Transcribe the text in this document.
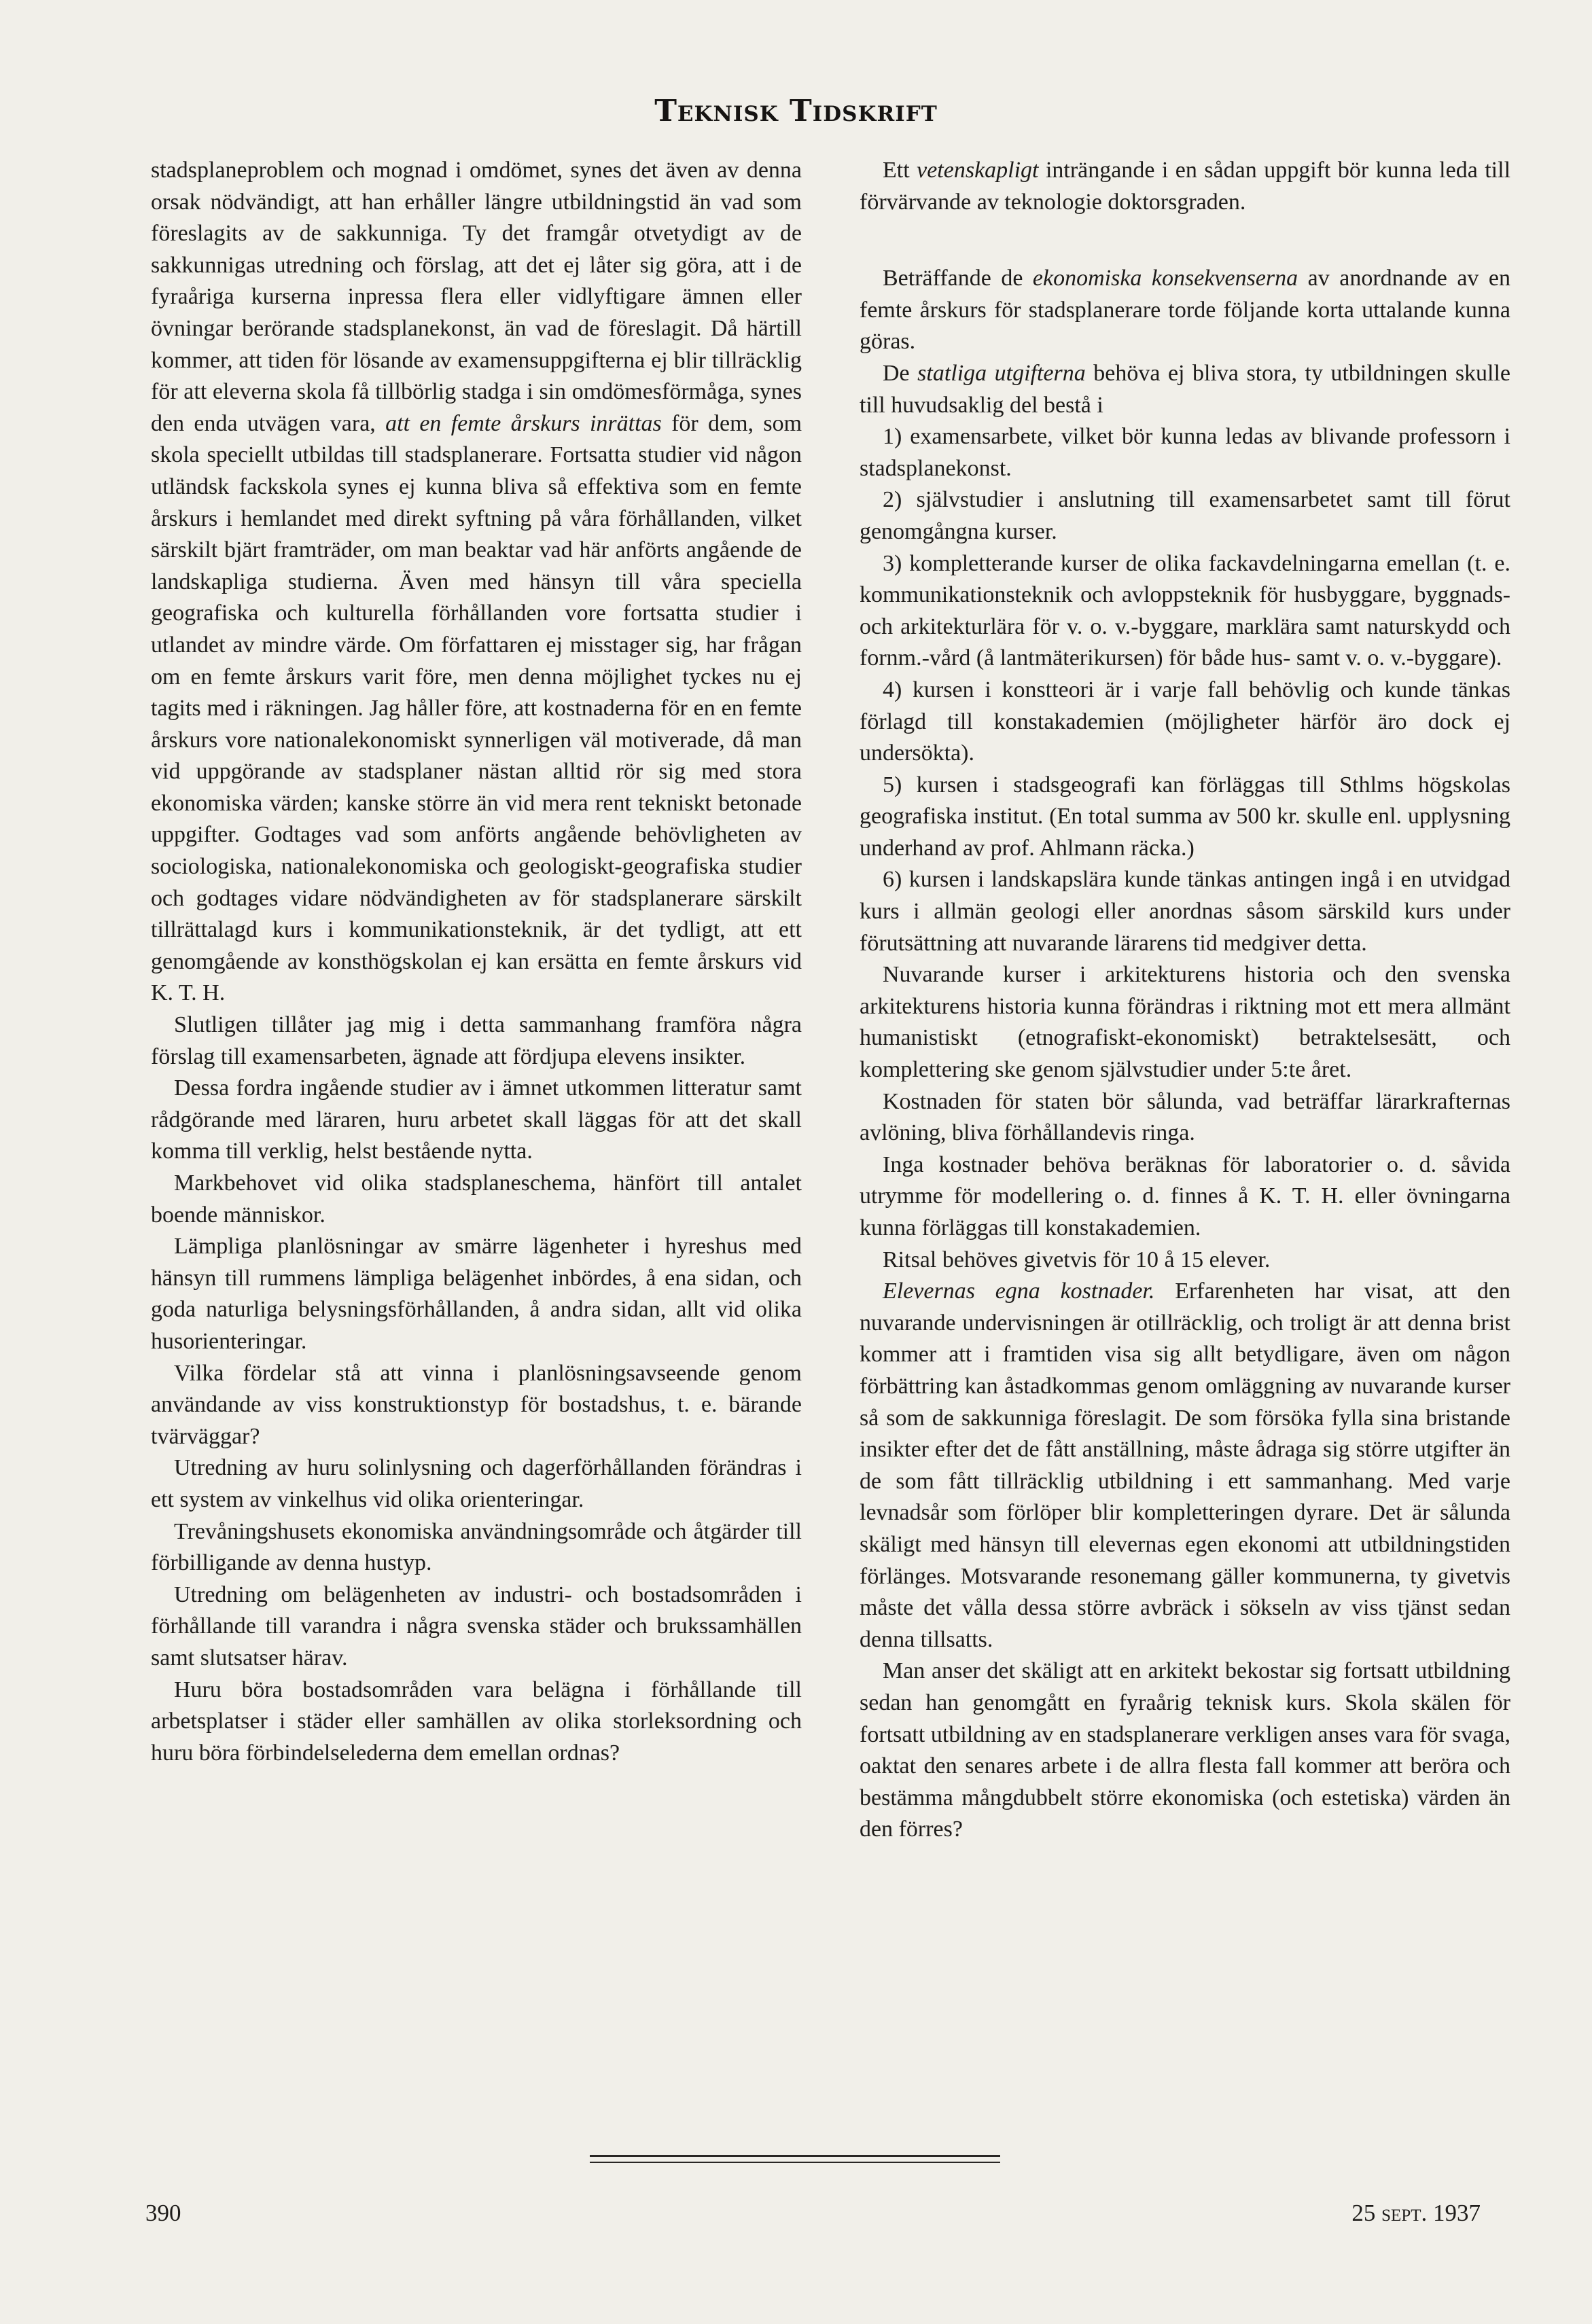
Teknisk Tidskrift

stadsplaneproblem och mognad i omdömet, synes det även av denna orsak nödvändigt, att han erhåller längre utbildningstid än vad som föreslagits av de sakkunniga. Ty det framgår otvetydigt av de sakkunnigas utredning och förslag, att det ej låter sig göra, att i de fyraåriga kurserna inpressa flera eller vidlyftigare ämnen eller övningar berörande stadsplanekonst, än vad de föreslagit. Då härtill kommer, att tiden för lösande av examensuppgifterna ej blir tillräcklig för att eleverna skola få tillbörlig stadga i sin omdömesförmåga, synes den enda utvägen vara, att en femte årskurs inrättas för dem, som skola speciellt utbildas till stadsplanerare. Fortsatta studier vid någon utländsk fackskola synes ej kunna bliva så effektiva som en femte årskurs i hemlandet med direkt syftning på våra förhållanden, vilket särskilt bjärt framträder, om man beaktar vad här anförts angående de landskapliga studierna. Även med hänsyn till våra speciella geografiska och kulturella förhållanden vore fortsatta studier i utlandet av mindre värde. Om författaren ej misstager sig, har frågan om en femte årskurs varit före, men denna möjlighet tyckes nu ej tagits med i räkningen. Jag håller före, att kostnaderna för en en femte årskurs vore nationalekonomiskt synnerligen väl motiverade, då man vid uppgörande av stadsplaner nästan alltid rör sig med stora ekonomiska värden; kanske större än vid mera rent tekniskt betonade uppgifter. Godtages vad som anförts angående behövligheten av sociologiska, nationalekonomiska och geologiskt-geografiska studier och godtages vidare nödvändigheten av för stadsplanerare särskilt tillrättalagd kurs i kommunikationsteknik, är det tydligt, att ett genomgående av konsthögskolan ej kan ersätta en femte årskurs vid K. T. H.

Slutligen tillåter jag mig i detta sammanhang framföra några förslag till examensarbeten, ägnade att fördjupa elevens insikter.

Dessa fordra ingående studier av i ämnet utkommen litteratur samt rådgörande med läraren, huru arbetet skall läggas för att det skall komma till verklig, helst bestående nytta.

Markbehovet vid olika stadsplaneschema, hänfört till antalet boende människor.

Lämpliga planlösningar av smärre lägenheter i hyreshus med hänsyn till rummens lämpliga belägenhet inbördes, å ena sidan, och goda naturliga belysningsförhållanden, å andra sidan, allt vid olika husorienteringar.

Vilka fördelar stå att vinna i planlösningsavseende genom användande av viss konstruktionstyp för bostadshus, t. e. bärande tvärväggar?

Utredning av huru solinlysning och dagerförhållanden förändras i ett system av vinkelhus vid olika orienteringar.

Trevåningshusets ekonomiska användningsområde och åtgärder till förbilligande av denna hustyp.

Utredning om belägenheten av industri- och bostadsområden i förhållande till varandra i några svenska städer och brukssamhällen samt slutsatser härav.

Huru böra bostadsområden vara belägna i förhållande till arbetsplatser i städer eller samhällen av olika storleksordning och huru böra förbindelselederna dem emellan ordnas?

Ett vetenskapligt inträngande i en sådan uppgift bör kunna leda till förvärvande av teknologie doktorsgraden.

Beträffande de ekonomiska konsekvenserna av anordnande av en femte årskurs för stadsplanerare torde följande korta uttalande kunna göras.

De statliga utgifterna behöva ej bliva stora, ty utbildningen skulle till huvudsaklig del bestå i

1) examensarbete, vilket bör kunna ledas av blivande professorn i stadsplanekonst.

2) självstudier i anslutning till examensarbetet samt till förut genomgångna kurser.

3) kompletterande kurser de olika fackavdelningarna emellan (t. e. kommunikationsteknik och avloppsteknik för husbyggare, byggnads- och arkitekturlära för v. o. v.-byggare, marklära samt naturskydd och fornm.-vård (å lantmäterikursen) för både hus- samt v. o. v.-byggare).

4) kursen i konstteori är i varje fall behövlig och kunde tänkas förlagd till konstakademien (möjligheter härför äro dock ej undersökta).

5) kursen i stadsgeografi kan förläggas till Sthlms högskolas geografiska institut. (En total summa av 500 kr. skulle enl. upplysning underhand av prof. Ahlmann räcka.)

6) kursen i landskapslära kunde tänkas antingen ingå i en utvidgad kurs i allmän geologi eller anordnas såsom särskild kurs under förutsättning att nuvarande lärarens tid medgiver detta.

Nuvarande kurser i arkitekturens historia och den svenska arkitekturens historia kunna förändras i riktning mot ett mera allmänt humanistiskt (etnografiskt-ekonomiskt) betraktelsesätt, och komplettering ske genom självstudier under 5:te året.

Kostnaden för staten bör sålunda, vad beträffar lärarkrafternas avlöning, bliva förhållandevis ringa.

Inga kostnader behöva beräknas för laboratorier o. d. såvida utrymme för modellering o. d. finnes å K. T. H. eller övningarna kunna förläggas till konstakademien.

Ritsal behöves givetvis för 10 å 15 elever.

Elevernas egna kostnader. Erfarenheten har visat, att den nuvarande undervisningen är otillräcklig, och troligt är att denna brist kommer att i framtiden visa sig allt betydligare, även om någon förbättring kan åstadkommas genom omläggning av nuvarande kurser så som de sakkunniga föreslagit. De som försöka fylla sina bristande insikter efter det de fått anställning, måste ådraga sig större utgifter än de som fått tillräcklig utbildning i ett sammanhang. Med varje levnadsår som förlöper blir kompletteringen dyrare. Det är sålunda skäligt med hänsyn till elevernas egen ekonomi att utbildningstiden förlänges. Motsvarande resonemang gäller kommunerna, ty givetvis måste det vålla dessa större avbräck i sökseln av viss tjänst sedan denna tillsatts.

Man anser det skäligt att en arkitekt bekostar sig fortsatt utbildning sedan han genomgått en fyraårig teknisk kurs. Skola skälen för fortsatt utbildning av en stadsplanerare verkligen anses vara för svaga, oaktat den senares arbete i de allra flesta fall kommer att beröra och bestämma mångdubbelt större ekonomiska (och estetiska) värden än den förres?

390	25 sept. 1937
